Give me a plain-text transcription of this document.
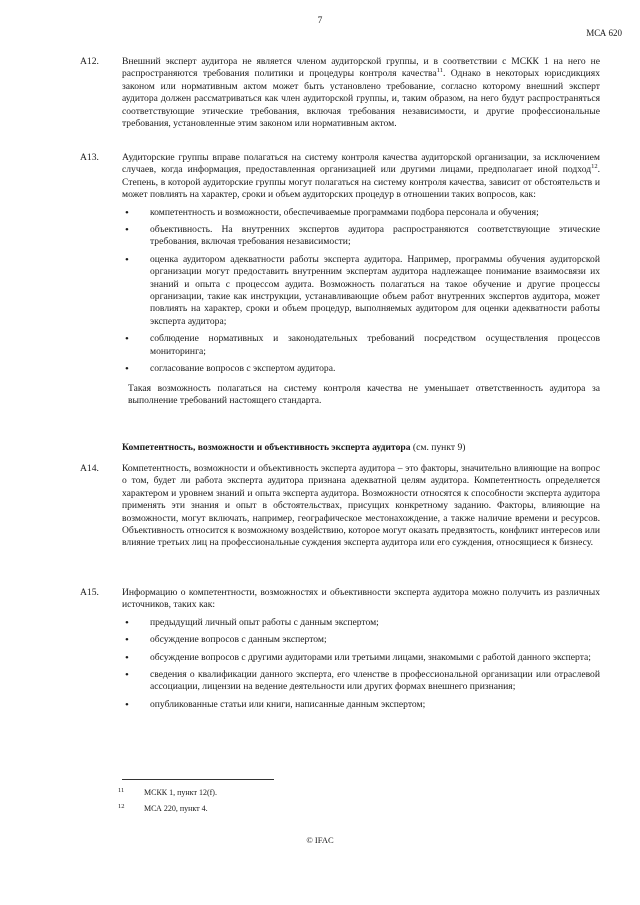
7
МСА 620
A12. Внешний эксперт аудитора не является членом аудиторской группы, и в соответствии с МСКК 1 на него не распространяются требования политики и процедуры контроля качества$^{11}$. Однако в некоторых юрисдикциях законом или нормативным актом может быть установлено требование, согласно которому внешний эксперт аудитора должен рассматриваться как член аудиторской группы, и, таким образом, на него будут распространяться соответствующие этические требования, включая требования независимости, и другие профессиональные требования, установленные этим законом или нормативным актом.

A13. Аудиторские группы вправе полагаться на систему контроля качества аудиторской организации, за исключением случаев, когда информация, предоставленная организацией или другими лицами, предполагает иной подход$^{12}$. Степень, в которой аудиторские группы могут полагаться на систему контроля качества, зависит от обстоятельств и может повлиять на характер, сроки и объем аудиторских процедур в отношении таких вопросов, как:

• компетентность и возможности, обеспечиваемые программами подбора персонала и обучения;
• объективность. На внутренних экспертов аудитора распространяются соответствующие этические требования, включая требования независимости;
• оценка аудитором адекватности работы эксперта аудитора. Например, программы обучения аудиторской организации могут предоставить внутренним экспертам аудитора надлежащее понимание взаимосвязи их знаний и опыта с процессом аудита. Возможность полагаться на такое обучение и другие процессы организации, такие как инструкции, устанавливающие объем работ внутренних экспертов аудитора, может повлиять на характер, сроки и объем процедур, выполняемых аудитором для оценки адекватности работы эксперта аудитора;
• соблюдение нормативных и законодательных требований посредством осуществления процессов мониторинга;
• согласование вопросов с экспертом аудитора.
Такая возможность полагаться на систему контроля качества не уменьшает ответственность аудитора за выполнение требований настоящего стандарта.
Компетентность, возможности и объективность эксперта аудитора (см. пункт 9)
A14. Компетентность, возможности и объективность эксперта аудитора – это факторы, значительно влияющие на вопрос о том, будет ли работа эксперта аудитора признана адекватной целям аудитора. Компетентность определяется характером и уровнем знаний и опыта эксперта аудитора. Возможности относятся к способности эксперта аудитора применять эти знания и опыт в обстоятельствах, присущих конкретному заданию. Факторы, влияющие на возможности, могут включать, например, географическое местонахождение, а также наличие времени и ресурсов. Объективность относится к возможному воздействию, которое могут оказать предвзятость, конфликт интересов или влияние третьих лиц на профессиональные суждения эксперта аудитора или его суждения, относящиеся к бизнесу.

A15. Информацию о компетентности, возможностях и объективности эксперта аудитора можно получить из различных источников, таких как:

• предыдущий личный опыт работы с данным экспертом;
• обсуждение вопросов с данным экспертом;
• обсуждение вопросов с другими аудиторами или третьими лицами, знакомыми с работой данного эксперта;
• сведения о квалификации данного эксперта, его членстве в профессиональной организации или отраслевой ассоциации, лицензии на ведение деятельности или других формах внешнего признания;
• опубликованные статьи или книги, написанные данным экспертом;
11 МСКК 1, пункт 12(f).
12 МСА 220, пункт 4.
© IFAC
